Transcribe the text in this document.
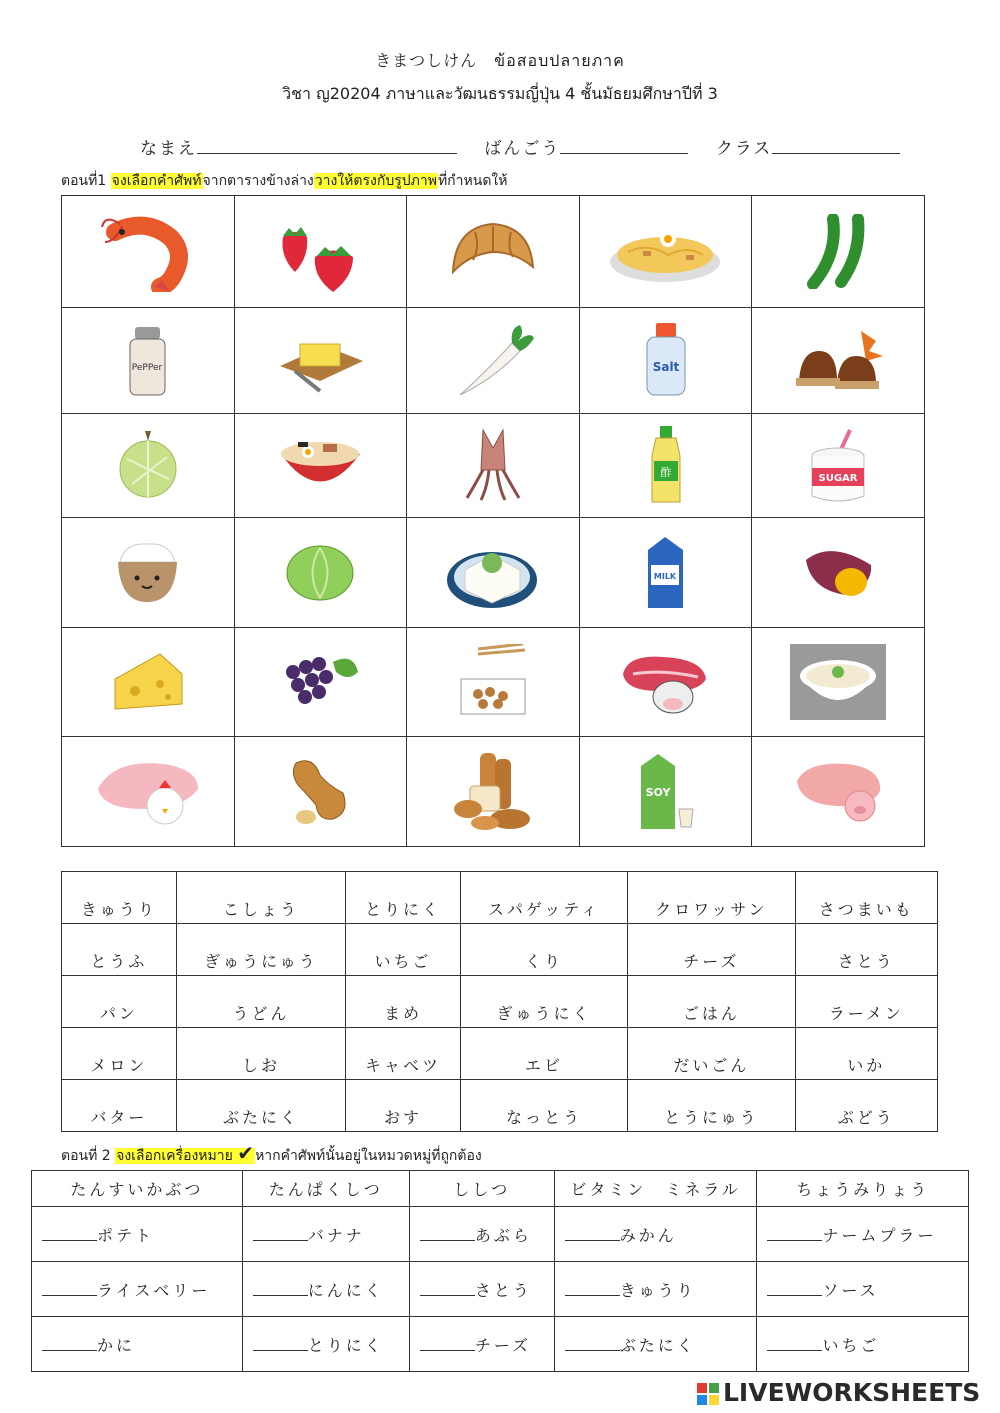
きまつしけん　ข้อสอบปลายภาค
วิชา ญ20204 ภาษาและวัฒนธรรมญี่ปุ่น 4 ชั้นมัธยมศึกษาปีที่ 3
なまえ	ばんごう	クラス
ตอนที่1 จงเลือกคำศัพท์จากตารางข้างล่างวางให้ตรงกับรูปภาพที่กำหนดให้

PePPer			Salt

酢	SUGAR

MILK

SOY

きゅうり	こしょう	とりにく	スパゲッティ	クロワッサン	さつまいも
とうふ	ぎゅうにゅう	いちご	くり	チーズ	さとう
パン	うどん	まめ	ぎゅうにく	ごはん	ラーメン
メロン	しお	キャベツ	エビ	だいごん	いか
バター	ぶたにく	おす	なっとう	とうにゅう	ぶどう
ตอนที่ 2 จงเลือกเครื่องหมาย ✔หากคำศัพท์นั้นอยู่ในหมวดหมู่ที่ถูกต้อง
たんすいかぶつ	たんぱくしつ	ししつ	ビタミン　ミネラル	ちょうみりょう
ポテト	バナナ	あぶら	みかん	ナームプラー
ライスベリー	にんにく	さとう	きゅうり	ソース
かに	とりにく	チーズ	ぶたにく	いちご
LIVEWORKSHEETS
